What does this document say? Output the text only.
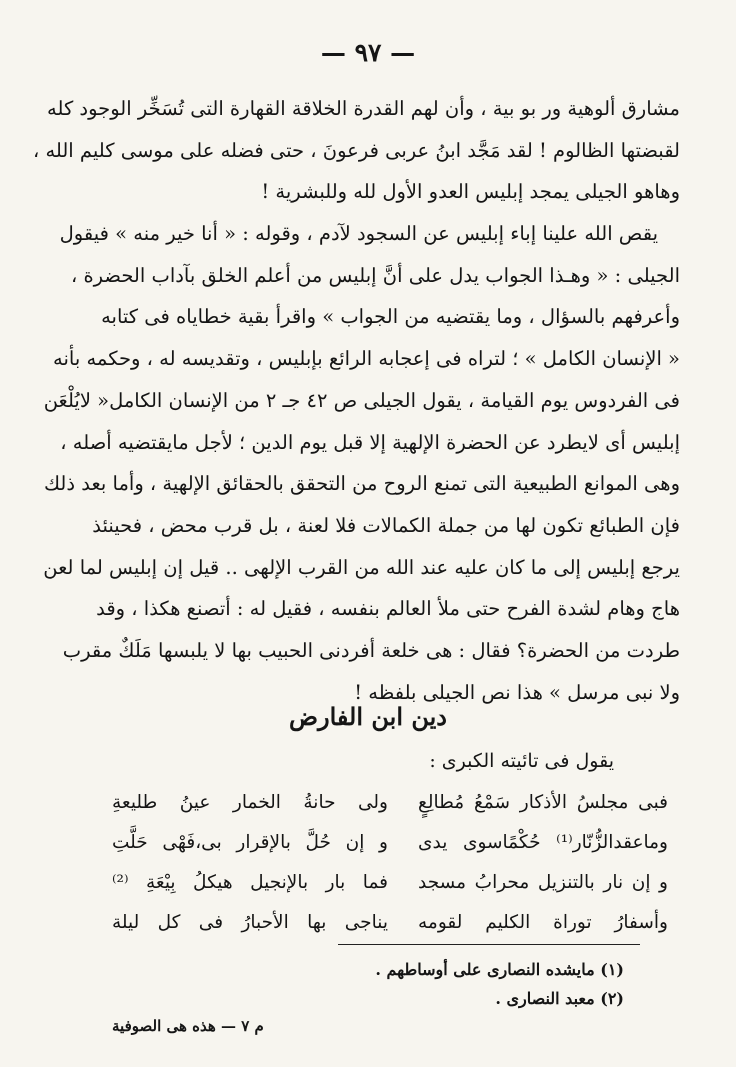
— ٩٧ —
مشارق ألوهية ور بو بية ، وأن لهم القدرة الخلاقة القهارة التى تُسَخِّر الوجود كله
لقبضتها الظالوم ! لقد مَجَّد ابنُ عربى فرعونَ ، حتى فضله على موسى كليم الله ،
وهاهو الجيلى يمجد إبليس العدو الأول لله وللبشرية !
يقص الله علينا إباء إبليس عن السجود لآدم ، وقوله : « أنا خير منه » فيقول
الجيلى : « وهـذا الجواب يدل على أنَّ إبليس من أعلم الخلق بآداب الحضرة ،
وأعرفهم بالسؤال ، وما يقتضيه من الجواب » واقرأ بقية خطاياه فى كتابه
« الإنسان الكامل » ؛ لتراه فى إعجابه الرائع بإبليس ، وتقديسه له ، وحكمه بأنه
فى الفردوس يوم القيامة ، يقول الجيلى ص ٤٢ جـ ٢ من الإنسان الكامل« لايُلْعَن
إبليس أى لايطرد عن الحضرة الإلهية إلا قبل يوم الدين ؛ لأجل مايقتضيه أصله ،
وهى الموانع الطبيعية التى تمنع الروح من التحقق بالحقائق الإلهية ، وأما بعد ذلك
فإن الطبائع تكون لها من جملة الكمالات فلا لعنة ، بل قرب محض ، فحينئذ
يرجع إبليس إلى ما كان عليه عند الله من القرب الإلهى .. قيل إن إبليس لما لعن
هاج وهام لشدة الفرح حتى ملأ العالم بنفسه ، فقيل له : أتصنع هكذا ، وقد
طردت من الحضرة؟ فقال : هى خلعة أفردنى الحبيب بها لا يلبسها مَلَكٌ مقرب
ولا نبى مرسل » هذا نص الجيلى بلفظه !
دين ابن الفارض
يقول فى تائيته الكبرى :
فبى مجلسُ الأذكار سَمْعُ مُطالِعٍ
ولى حانةُ الخمار عينُ طليعةِ
وماعقدالزُّنّار⁽¹⁾ حُكْمًاسوى يدى
و إن حُلَّ بالإقرار بى،فَهْى حَلَّتِ
و إن نار بالتنزيل محرابُ مسجد
فما بار بالإنجيل هيكلُ بِيْعَةِ ⁽²⁾
وأسفارُ توراة الكليم لقومه
يناجى بها الأحبارُ فى كل ليلة
(١) مايشده النصارى على أوساطهم .
(٢) معبد النصارى .
م ٧ — هذه هى الصوفية
